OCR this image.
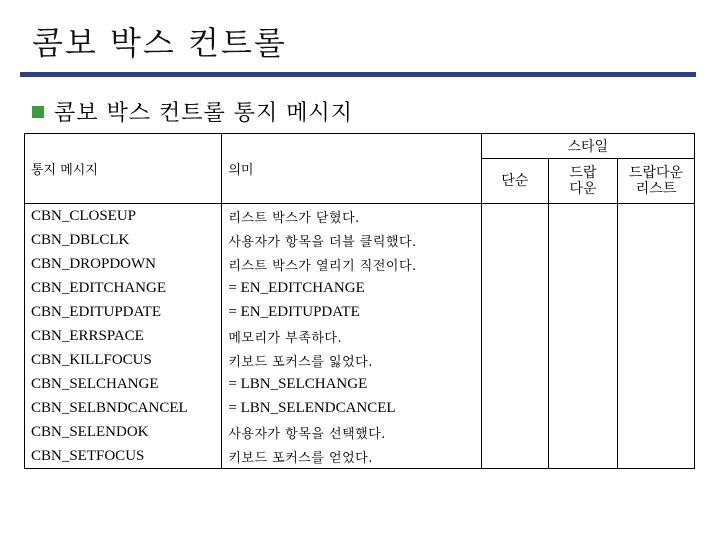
콤보 박스 컨트롤
콤보 박스 컨트롤 통지 메시지
통지 메시지	의미	스타일		
		단순	드랍 다운	드랍다운 리스트
CBN_CLOSEUP	리스트 박스가 닫혔다.			
CBN_DBLCLK	사용자가 항목을 더블 클릭했다.			
CBN_DROPDOWN	리스트 박스가 열리기 직전이다.			
CBN_EDITCHANGE	= EN_EDITCHANGE			
CBN_EDITUPDATE	= EN_EDITUPDATE			
CBN_ERRSPACE	메모리가 부족하다.			
CBN_KILLFOCUS	키보드 포커스를 잃었다.			
CBN_SELCHANGE	= LBN_SELCHANGE			
CBN_SELBNDCANCEL	= LBN_SELENDCANCEL			
CBN_SELENDOK	사용자가 항목을 선택했다.			
CBN_SETFOCUS	키보드 포커스를 얻었다.			
